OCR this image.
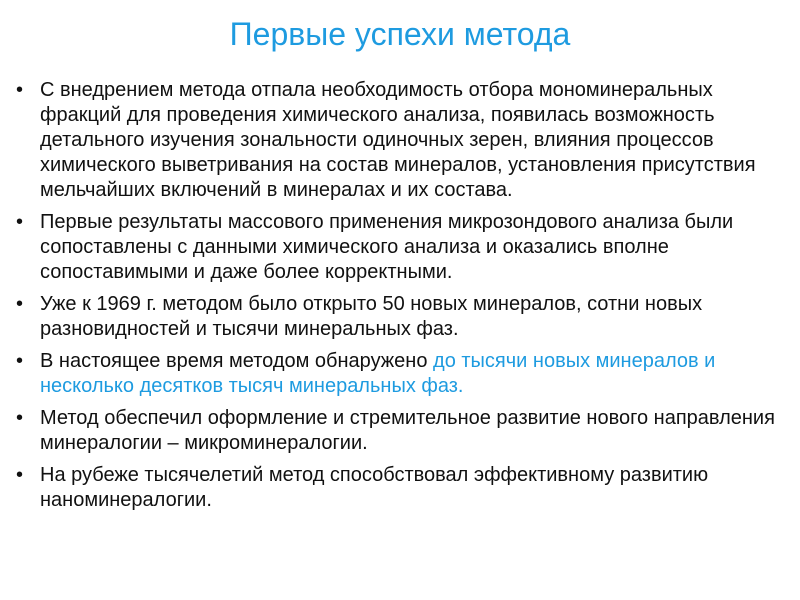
Первые успехи метода
• С внедрением метода отпала необходимость отбора мономинеральных фракций для проведения химического анализа, появилась возможность детального изучения зональности одиночных зерен, влияния процессов химического выветривания на состав минералов, установления присутствия мельчайших включений в минералах и их состава.
• Первые результаты массового применения микрозондового анализа были сопоставлены с данными химического анализа и оказались вполне сопоставимыми и даже более корректными.
• Уже к 1969 г. методом было открыто 50 новых минералов, сотни новых разновидностей и тысячи минеральных фаз.
• В настоящее время методом обнаружено до тысячи новых минералов и несколько десятков тысяч минеральных фаз.
• Метод обеспечил оформление и стремительное развитие нового направления минералогии – микроминералогии.
• На рубеже тысячелетий метод способствовал эффективному развитию наноминералогии.
